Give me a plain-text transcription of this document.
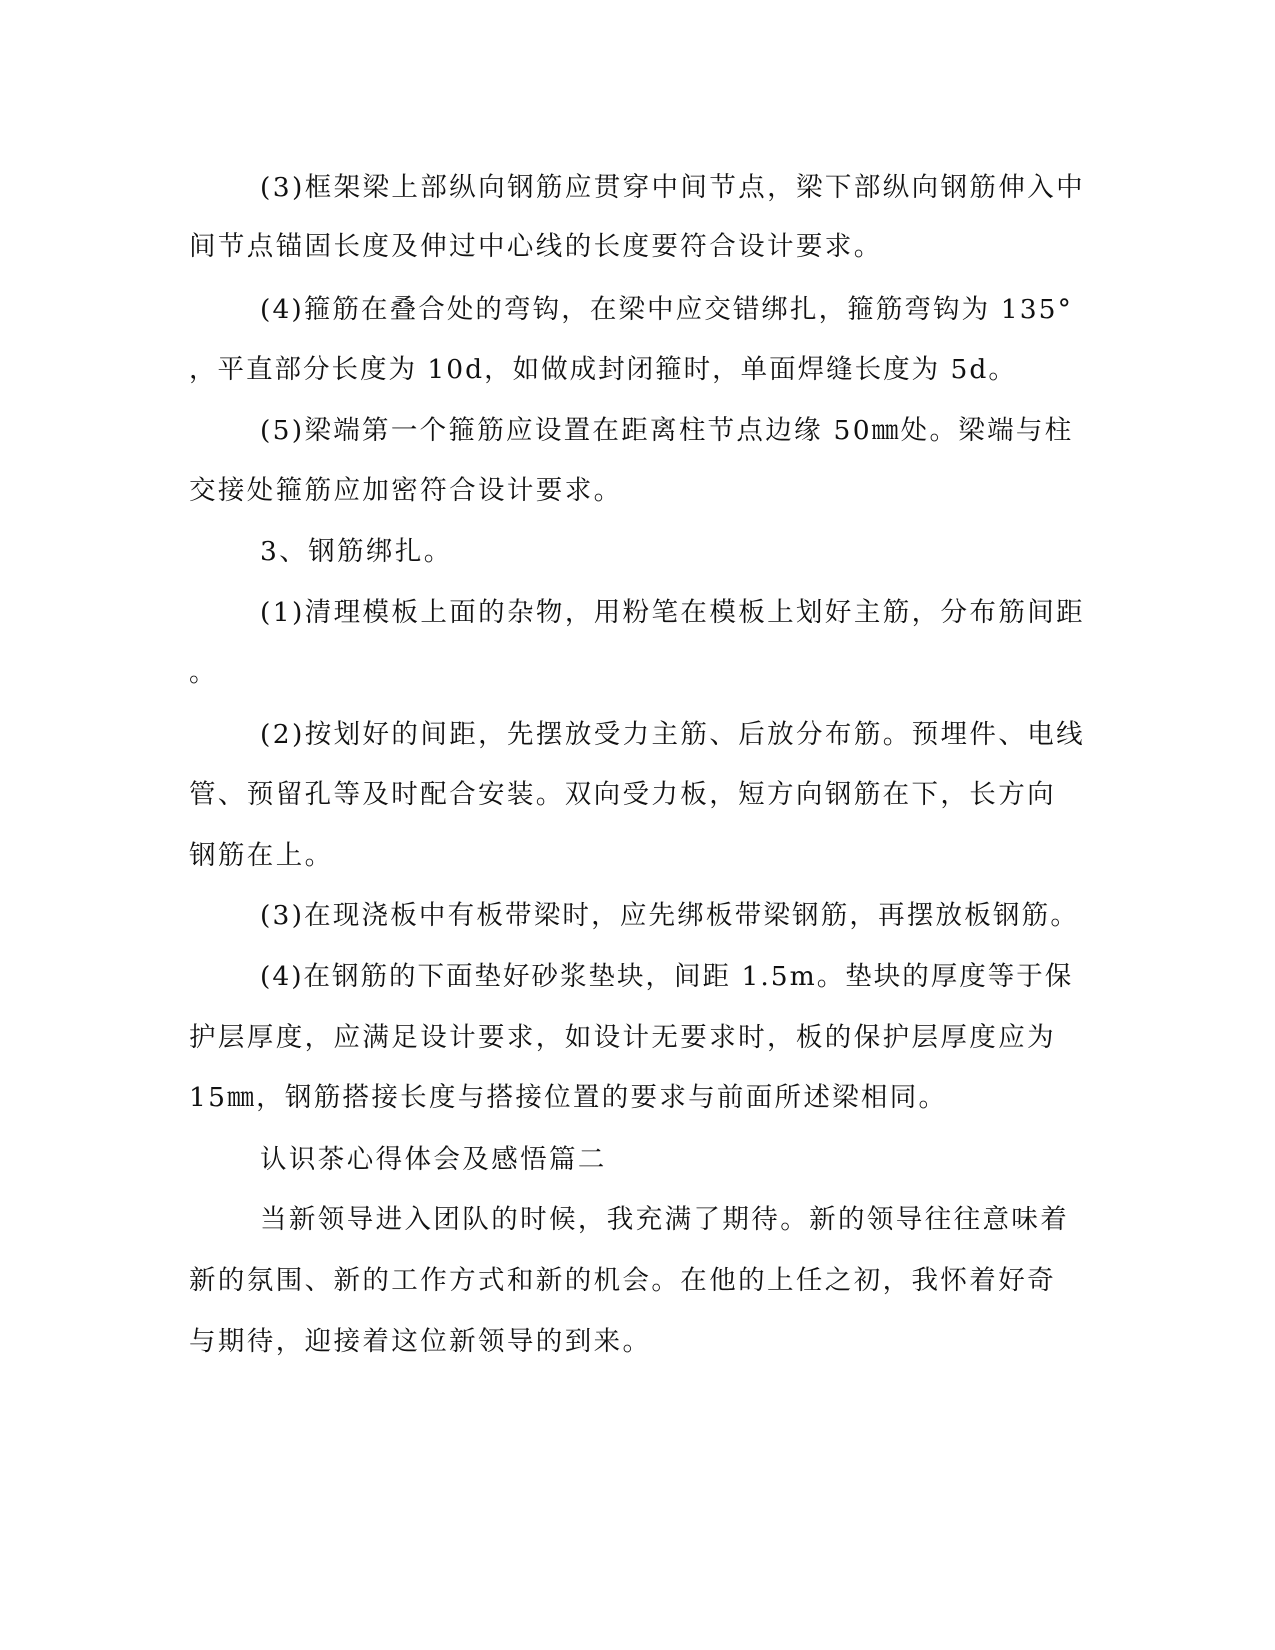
(3)框架梁上部纵向钢筋应贯穿中间节点，梁下部纵向钢筋伸入中
间节点锚固长度及伸过中心线的长度要符合设计要求。
(4)箍筋在叠合处的弯钩，在梁中应交错绑扎，箍筋弯钩为 135°
，平直部分长度为 10d，如做成封闭箍时，单面焊缝长度为 5d。
(5)梁端第一个箍筋应设置在距离柱节点边缘 50㎜处。梁端与柱
交接处箍筋应加密符合设计要求。
3、钢筋绑扎。
(1)清理模板上面的杂物，用粉笔在模板上划好主筋，分布筋间距
。
(2)按划好的间距，先摆放受力主筋、后放分布筋。预埋件、电线
管、预留孔等及时配合安装。双向受力板，短方向钢筋在下，长方向
钢筋在上。
(3)在现浇板中有板带梁时，应先绑板带梁钢筋，再摆放板钢筋。
(4)在钢筋的下面垫好砂浆垫块，间距 1.5m。垫块的厚度等于保
护层厚度，应满足设计要求，如设计无要求时，板的保护层厚度应为
15㎜，钢筋搭接长度与搭接位置的要求与前面所述梁相同。
认识茶心得体会及感悟篇二
当新领导进入团队的时候，我充满了期待。新的领导往往意味着
新的氛围、新的工作方式和新的机会。在他的上任之初，我怀着好奇
与期待，迎接着这位新领导的到来。
